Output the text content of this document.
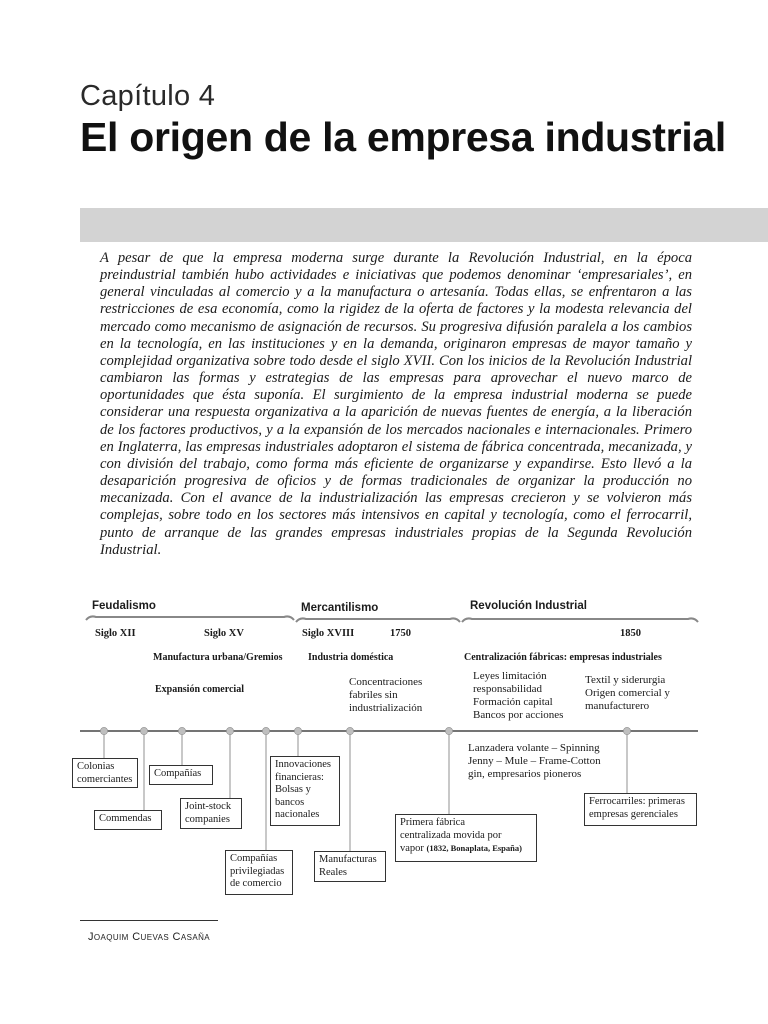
Capítulo 4
El origen de la empresa industrial

A pesar de que la empresa moderna surge durante la Revolución Industrial, en la época preindustrial también hubo actividades e iniciativas que podemos denominar ‘empresariales’, en general vinculadas al comercio y a la manufactura o artesanía. Todas ellas, se enfrentaron a las restricciones de esa economía, como la rigidez de la oferta de factores y la modesta relevancia del mercado como mecanismo de asignación de recursos. Su progresiva difusión paralela a los cambios en la tecnología, en las instituciones y en la demanda, originaron empresas de mayor tamaño y complejidad organizativa sobre todo desde el siglo XVII. Con los inicios de la Revolución Industrial cambiaron las formas y estrategias de las empresas para aprovechar el nuevo marco de oportunidades que ésta suponía. El surgimiento de la empresa industrial moderna se puede considerar una respuesta organizativa a la aparición de nuevas fuentes de energía, a la liberación de los factores productivos, y a la expansión de los mercados nacionales e internacionales. Primero en Inglaterra, las empresas industriales adoptaron el sistema de fábrica concentrada, mecanizada, y con división del trabajo, como forma más eficiente de organizarse y expandirse. Esto llevó a la desaparición progresiva de oficios y de formas tradicionales de organizar la producción no mecanizada. Con el avance de la industrialización las empresas crecieron y se volvieron más complejas, sobre todo en los sectores más intensivos en capital y tecnología, como el ferrocarril, punto de arranque de las grandes empresas industriales propias de la Segunda Revolución Industrial.

Feudalismo	Mercantilismo	Revolución Industrial
Siglo XII	Siglo XV	Siglo XVIII	1750	1850
Manufactura urbana/Gremios
Expansión comercial
Industria doméstica	Centralización fábricas: empresas industriales
Concentraciones
fabriles sin
industrialización
Leyes limitación
responsabilidad
Formación capital
Bancos por acciones
Textil y siderurgia
Origen comercial y
manufacturero
Lanzadera volante – Spinning
Jenny – Mule – Frame-Cotton
gin, empresarios pioneros
Colonias
comerciantes
Commendas
Compañías
Joint-stock
companies
Compañías
privilegiadas
de comercio
Innovaciones
financieras:
Bolsas y
bancos
nacionales
Manufacturas
Reales
Primera fábrica
centralizada movida por
vapor (1832, Bonaplata, España)
Ferrocarriles: primeras
empresas gerenciales
Joaquim Cuevas Casaña
